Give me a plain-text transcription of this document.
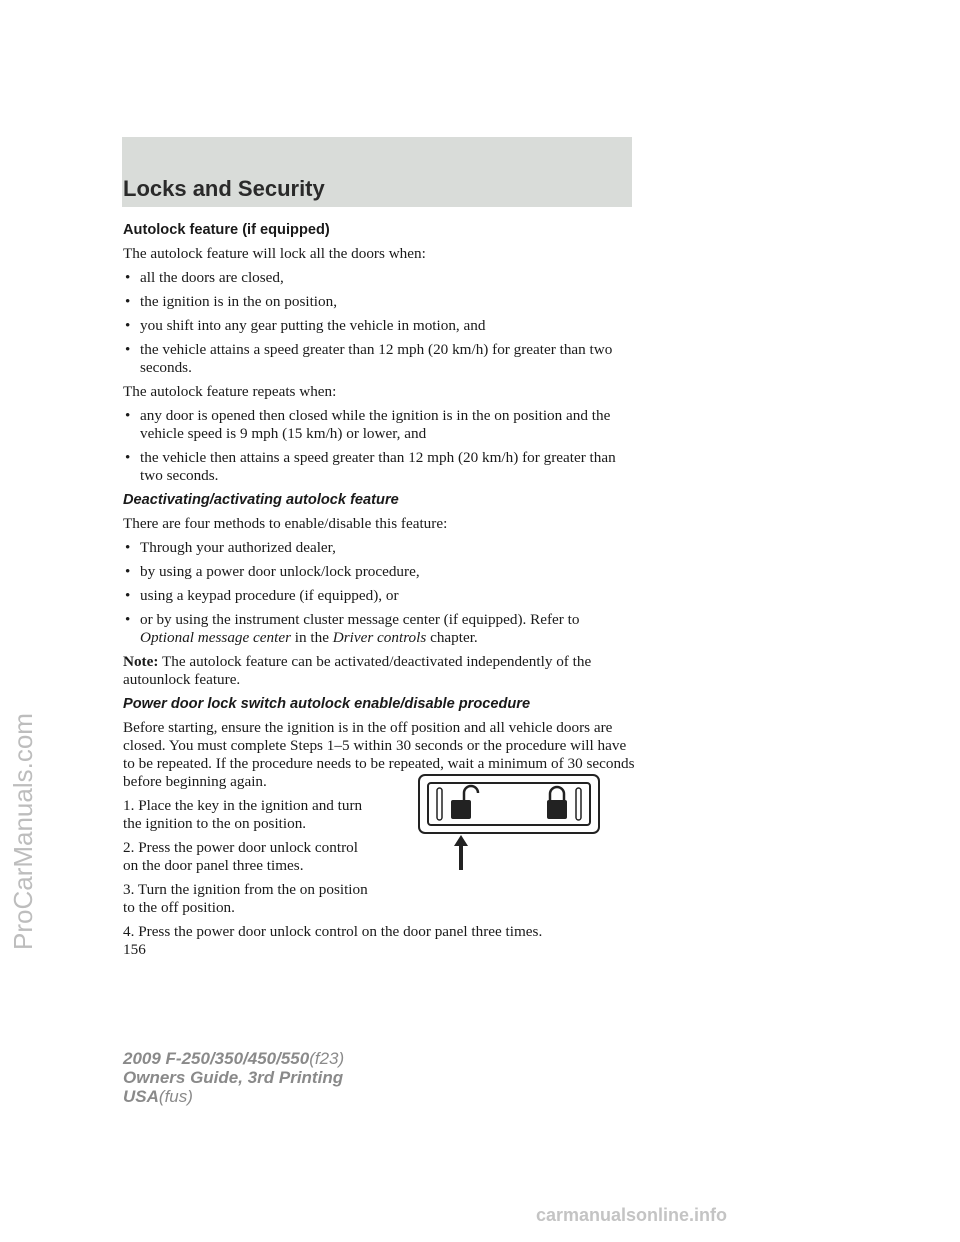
Locks and Security
Autolock feature (if equipped)

The autolock feature will lock all the doors when:

• all the doors are closed,
• the ignition is in the on position,
• you shift into any gear putting the vehicle in motion, and
• the vehicle attains a speed greater than 12 mph (20 km/h) for greater than two seconds.

The autolock feature repeats when:

• any door is opened then closed while the ignition is in the on position and the vehicle speed is 9 mph (15 km/h) or lower, and
• the vehicle then attains a speed greater than 12 mph (20 km/h) for greater than two seconds.
Deactivating/activating autolock feature

There are four methods to enable/disable this feature:

• Through your authorized dealer,
• by using a power door unlock/lock procedure,
• using a keypad procedure (if equipped), or
• or by using the instrument cluster message center (if equipped). Refer to Optional message center in the Driver controls chapter.

Note: The autolock feature can be activated/deactivated independently of the autounlock feature.

Power door lock switch autolock enable/disable procedure

Before starting, ensure the ignition is in the off position and all vehicle doors are closed. You must complete Steps 1–5 within 30 seconds or the procedure will have to be repeated. If the procedure needs to be repeated, wait a minimum of 30 seconds before beginning again.

1. Place the key in the ignition and turn the ignition to the on position.

2. Press the power door unlock control on the door panel three times.

3. Turn the ignition from the on position to the off position.

4. Press the power door unlock control on the door panel three times.

156
2009 F-250/350/450/550(f23)
Owners Guide, 3rd Printing
USA(fus)
ProCarManuals.com
carmanualsonline.info
